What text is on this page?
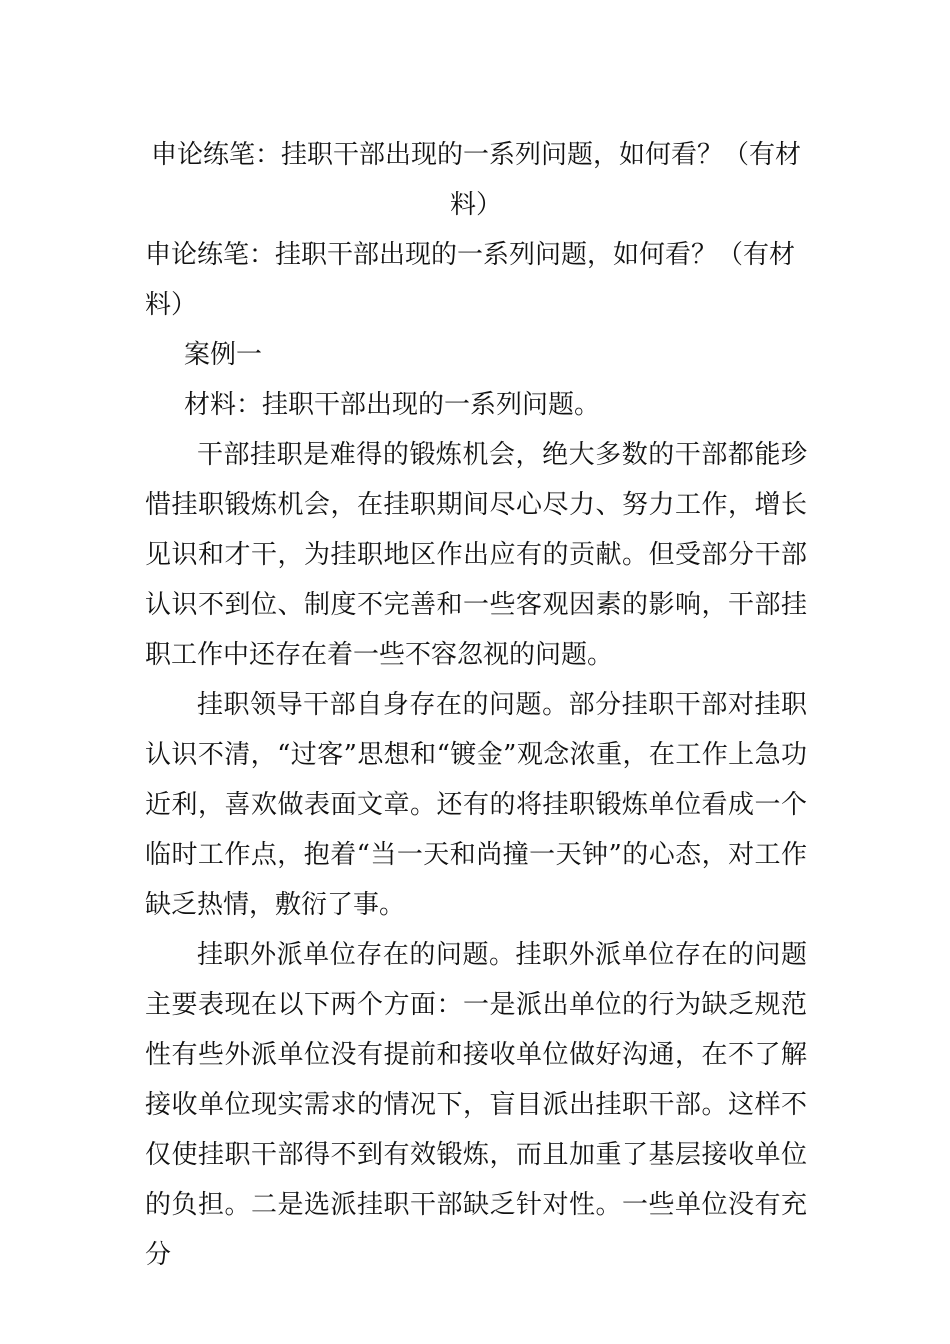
申论练笔：挂职干部出现的一系列问题，如何看？（有材料）
申论练笔：挂职干部出现的一系列问题，如何看？（有材料）

案例一

材料：挂职干部出现的一系列问题。

干部挂职是难得的锻炼机会，绝大多数的干部都能珍惜挂职锻炼机会，在挂职期间尽心尽力、努力工作，增长见识和才干，为挂职地区作出应有的贡献。但受部分干部认识不到位、制度不完善和一些客观因素的影响，干部挂职工作中还存在着一些不容忽视的问题。

挂职领导干部自身存在的问题。部分挂职干部对挂职认识不清，“过客”思想和“镀金”观念浓重，在工作上急功近利，喜欢做表面文章。还有的将挂职锻炼单位看成一个临时工作点，抱着“当一天和尚撞一天钟”的心态，对工作缺乏热情，敷衍了事。

挂职外派单位存在的问题。挂职外派单位存在的问题主要表现在以下两个方面：一是派出单位的行为缺乏规范性有些外派单位没有提前和接收单位做好沟通，在不了解接收单位现实需求的情况下，盲目派出挂职干部。这样不仅使挂职干部得不到有效锻炼，而且加重了基层接收单位的负担。二是选派挂职干部缺乏针对性。一些单位没有充分
